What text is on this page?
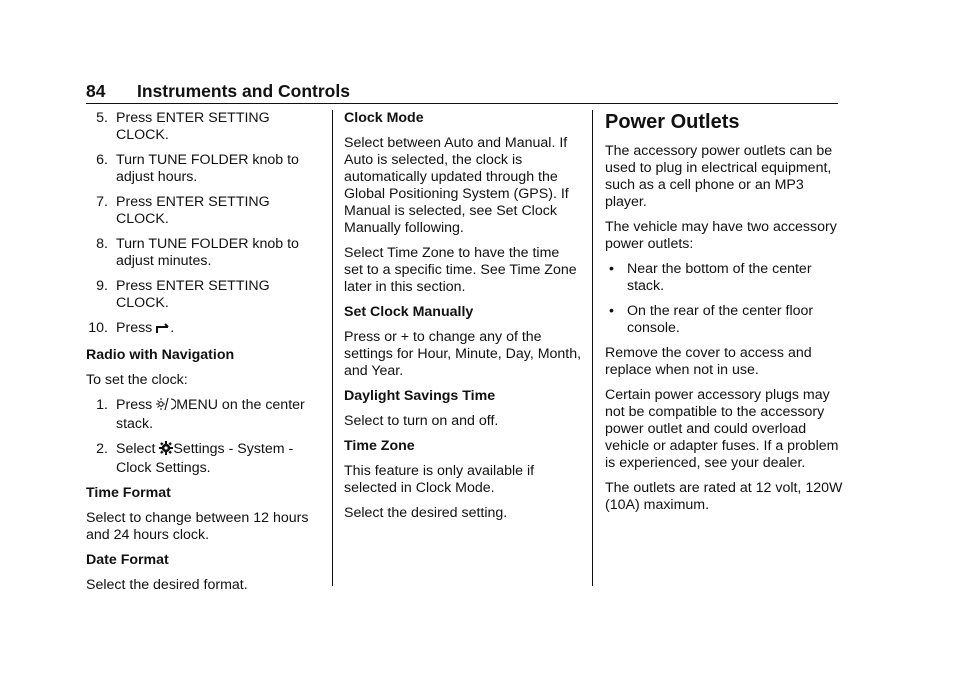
84 Instruments and Controls
5. Press ENTER SETTING CLOCK.
6. Turn TUNE FOLDER knob to adjust hours.
7. Press ENTER SETTING CLOCK.
8. Turn TUNE FOLDER knob to adjust minutes.
9. Press ENTER SETTING CLOCK.
10. Press .

Radio with Navigation

To set the clock:

1. Press MENU on the center stack.
2. Select Settings - System - Clock Settings.

Time Format

Select to change between 12 hours and 24 hours clock.

Date Format

Select the desired format.

Clock Mode

Select between Auto and Manual. If Auto is selected, the clock is automatically updated through the Global Positioning System (GPS). If Manual is selected, see Set Clock Manually following.

Select Time Zone to have the time set to a specific time. See Time Zone later in this section.

Set Clock Manually

Press or + to change any of the settings for Hour, Minute, Day, Month, and Year.

Daylight Savings Time

Select to turn on and off.

Time Zone

This feature is only available if selected in Clock Mode.

Select the desired setting.

Power Outlets

The accessory power outlets can be used to plug in electrical equipment, such as a cell phone or an MP3 player.

The vehicle may have two accessory power outlets:

• Near the bottom of the center stack.
• On the rear of the center floor console.

Remove the cover to access and replace when not in use.

Certain power accessory plugs may not be compatible to the accessory power outlet and could overload vehicle or adapter fuses. If a problem is experienced, see your dealer.

The outlets are rated at 12 volt, 120W (10A) maximum.
